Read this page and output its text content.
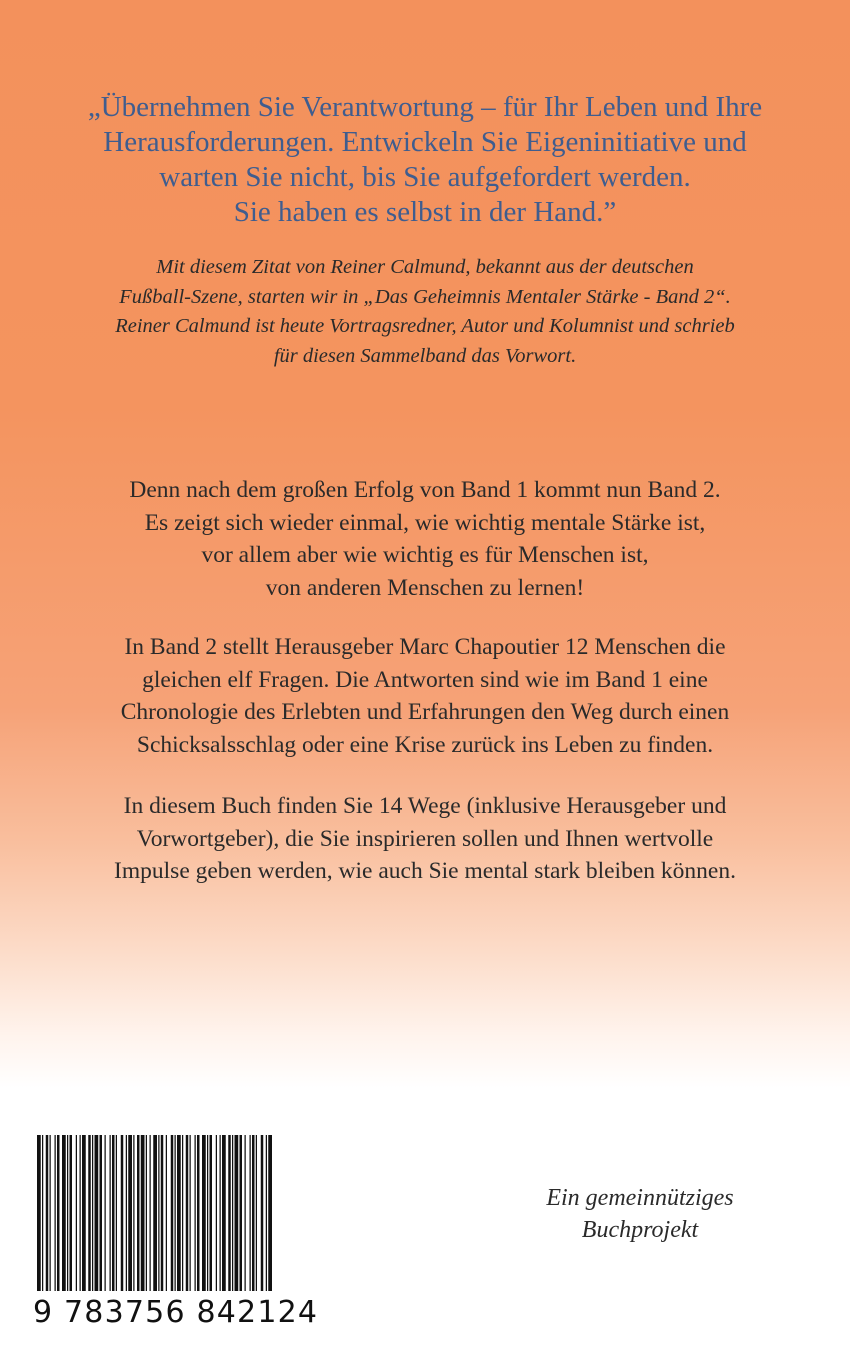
„Übernehmen Sie Verantwortung – für Ihr Leben und Ihre
Herausforderungen. Entwickeln Sie Eigeninitiative und
warten Sie nicht, bis Sie aufgefordert werden.
Sie haben es selbst in der Hand.”
Mit diesem Zitat von Reiner Calmund, bekannt aus der deutschen
Fußball-Szene, starten wir in „Das Geheimnis Mentaler Stärke - Band 2“.
Reiner Calmund ist heute Vortragsredner, Autor und Kolumnist und schrieb
für diesen Sammelband das Vorwort.
Denn nach dem großen Erfolg von Band 1 kommt nun Band 2.
Es zeigt sich wieder einmal, wie wichtig mentale Stärke ist,
vor allem aber wie wichtig es für Menschen ist,
von anderen Menschen zu lernen!
In Band 2 stellt Herausgeber Marc Chapoutier 12 Menschen die
gleichen elf Fragen. Die Antworten sind wie im Band 1 eine
Chronologie des Erlebten und Erfahrungen den Weg durch einen
Schicksalsschlag oder eine Krise zurück ins Leben zu finden.
In diesem Buch finden Sie 14 Wege (inklusive Herausgeber und
Vorwortgeber), die Sie inspirieren sollen und Ihnen wertvolle
Impulse geben werden, wie auch Sie mental stark bleiben können.
9 783756 842124
Ein gemeinnütziges
Buchprojekt
